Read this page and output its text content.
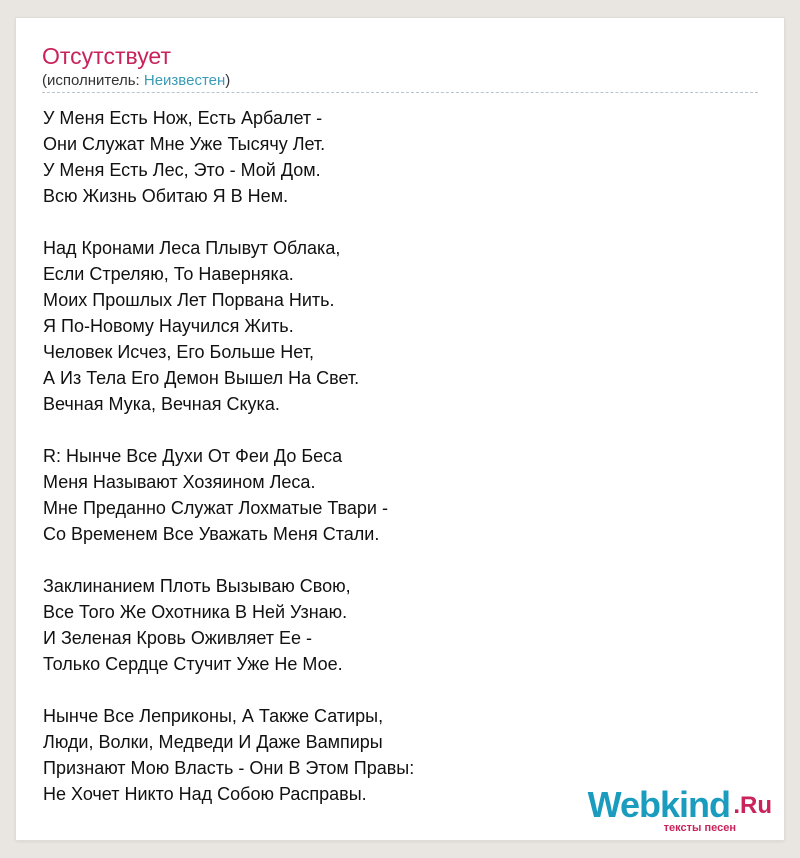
Отсутствует
(исполнитель: Неизвестен)
У Меня Есть Нож, Есть Арбалет -
Они Служат Мне Уже Тысячу Лет.
У Меня Есть Лес, Это - Мой Дом.
Всю Жизнь Обитаю Я В Нем.
Над Кронами Леса Плывут Облака,
Если Стреляю, То Наверняка.
Моих Прошлых Лет Порвана Нить.
Я По-Новому Научился Жить.
Человек Исчез, Его Больше Нет,
А Из Тела Его Демон Вышел На Свет.
Вечная Мука, Вечная Скука.
R: Нынче Все Духи От Феи До Беса
Меня Называют Хозяином Леса.
Мне Преданно Служат Лохматые Твари -
Со Временем Все Уважать Меня Стали.
Заклинанием Плоть Вызываю Свою,
Все Того Же Охотника В Ней Узнаю.
И Зеленая Кровь Оживляет Ее -
Только Сердце Стучит Уже Не Мое.
Нынче Все Леприконы, А Также Сатиры,
Люди, Волки, Медведи И Даже Вампиры
Признают Мою Власть - Они В Этом Правы:
Не Хочет Никто Над Собою Расправы.	Webkind .Ru
тексты песен
